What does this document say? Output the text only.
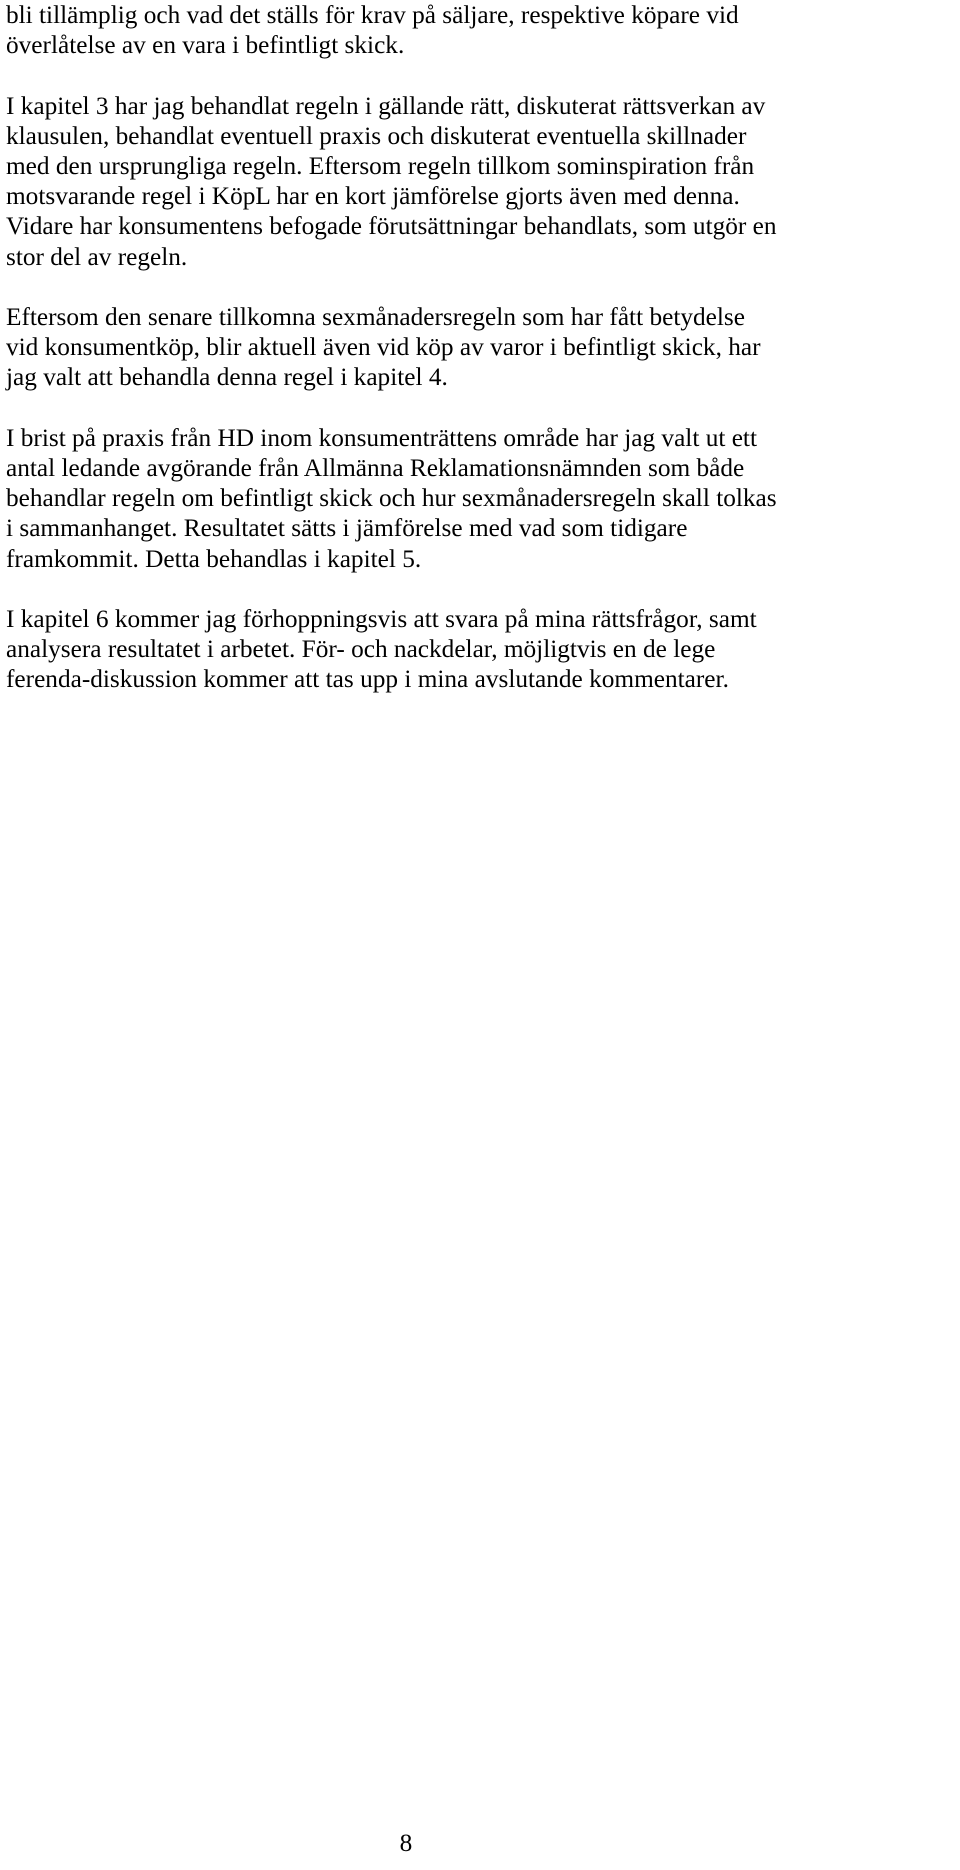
bli tillämplig och vad det ställs för krav på säljare, respektive köpare vid
överlåtelse av en vara i befintligt skick.

I kapitel 3 har jag behandlat regeln i gällande rätt, diskuterat rättsverkan av
klausulen, behandlat eventuell praxis och diskuterat eventuella skillnader
med den ursprungliga regeln. Eftersom regeln tillkom sominspiration från
motsvarande regel i KöpL har en kort jämförelse gjorts även med denna.
Vidare har konsumentens befogade förutsättningar behandlats, som utgör en
stor del av regeln.

Eftersom den senare tillkomna sexmånadersregeln som har fått betydelse
vid konsumentköp, blir aktuell även vid köp av varor i befintligt skick, har
jag valt att behandla denna regel i kapitel 4.

I brist på praxis från HD inom konsumenträttens område har jag valt ut ett
antal ledande avgörande från Allmänna Reklamationsnämnden som både
behandlar regeln om befintligt skick och hur sexmånadersregeln skall tolkas
i sammanhanget. Resultatet sätts i jämförelse med vad som tidigare
framkommit. Detta behandlas i kapitel 5.

I kapitel 6 kommer jag förhoppningsvis att svara på mina rättsfrågor, samt
analysera resultatet i arbetet. För- och nackdelar, möjligtvis en de lege
ferenda-diskussion kommer att tas upp i mina avslutande kommentarer.

8
